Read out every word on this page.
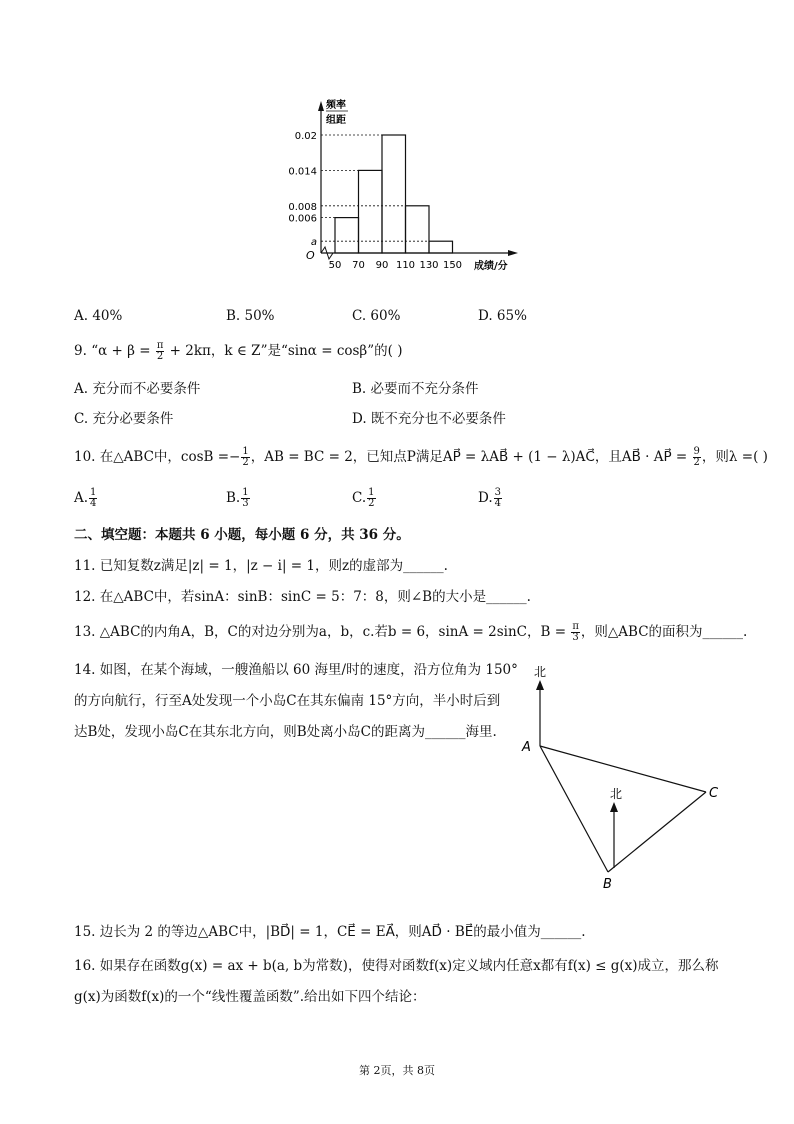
频率
组距
O
成绩/分
0.02
0.014
0.008
0.006
a
50 70 90 110 130 150
A. 40%	B. 50%	C. 60%	D. 65%
9. “$\alpha + \beta = \frac{\pi}{2} + 2k\pi$，k ∈ Z”是“sinα = cosβ”的( )
A. 充分而不必要条件	B. 必要而不充分条件
C. 充分必要条件	D. 既不充分也不必要条件
10. 在△ABC中，$\cos B =- \frac{1}{2}$ ，AB = BC = 2，已知点P满足AP⃗ = λAB⃗ + (1 − λ)AC⃗，且AB⃗ · AP⃗ = $\frac{9}{2}$ ，则λ =( )
A. $\frac{1}{4}$	B. $\frac{1}{3}$	C. $\frac{1}{2}$	D. $\frac{3}{4}$
二、填空题：本题共 6 小题，每小题 6 分，共 36 分。
11. 已知复数z满足|z| = 1，|z − i| = 1，则z的虚部为______.
12. 在△ABC中，若sinA：sinB：sinC = 5：7：8，则∠B的大小是______.
13. △ABC的内角A，B，C的对边分别为a，b，c.若b = 6，sinA = 2sinC，$B = \frac{\pi}{3}$ ，则△ABC的面积为______.
14. 如图，在某个海域，一艘渔船以 60 海里/时的速度，沿方位角为 150°
的方向航行，行至A处发现一个小岛C在其东偏南 15°方向，半小时后到
达B处，发现小岛C在其东北方向，则B处离小岛C的距离为______海里.
北
北
A
B
C
15. 边长为 2 的等边△ABC中，|BD⃗| = 1，CE⃗ = EA⃗，则AD⃗ · BE⃗的最小值为______.
16. 如果存在函数g(x) = ax + b(a, b为常数)，使得对函数f(x)定义域内任意x都有f(x) ≤ g(x)成立，那么称
g(x)为函数f(x)的一个“线性覆盖函数”.给出如下四个结论：
第 2页，共 8页
